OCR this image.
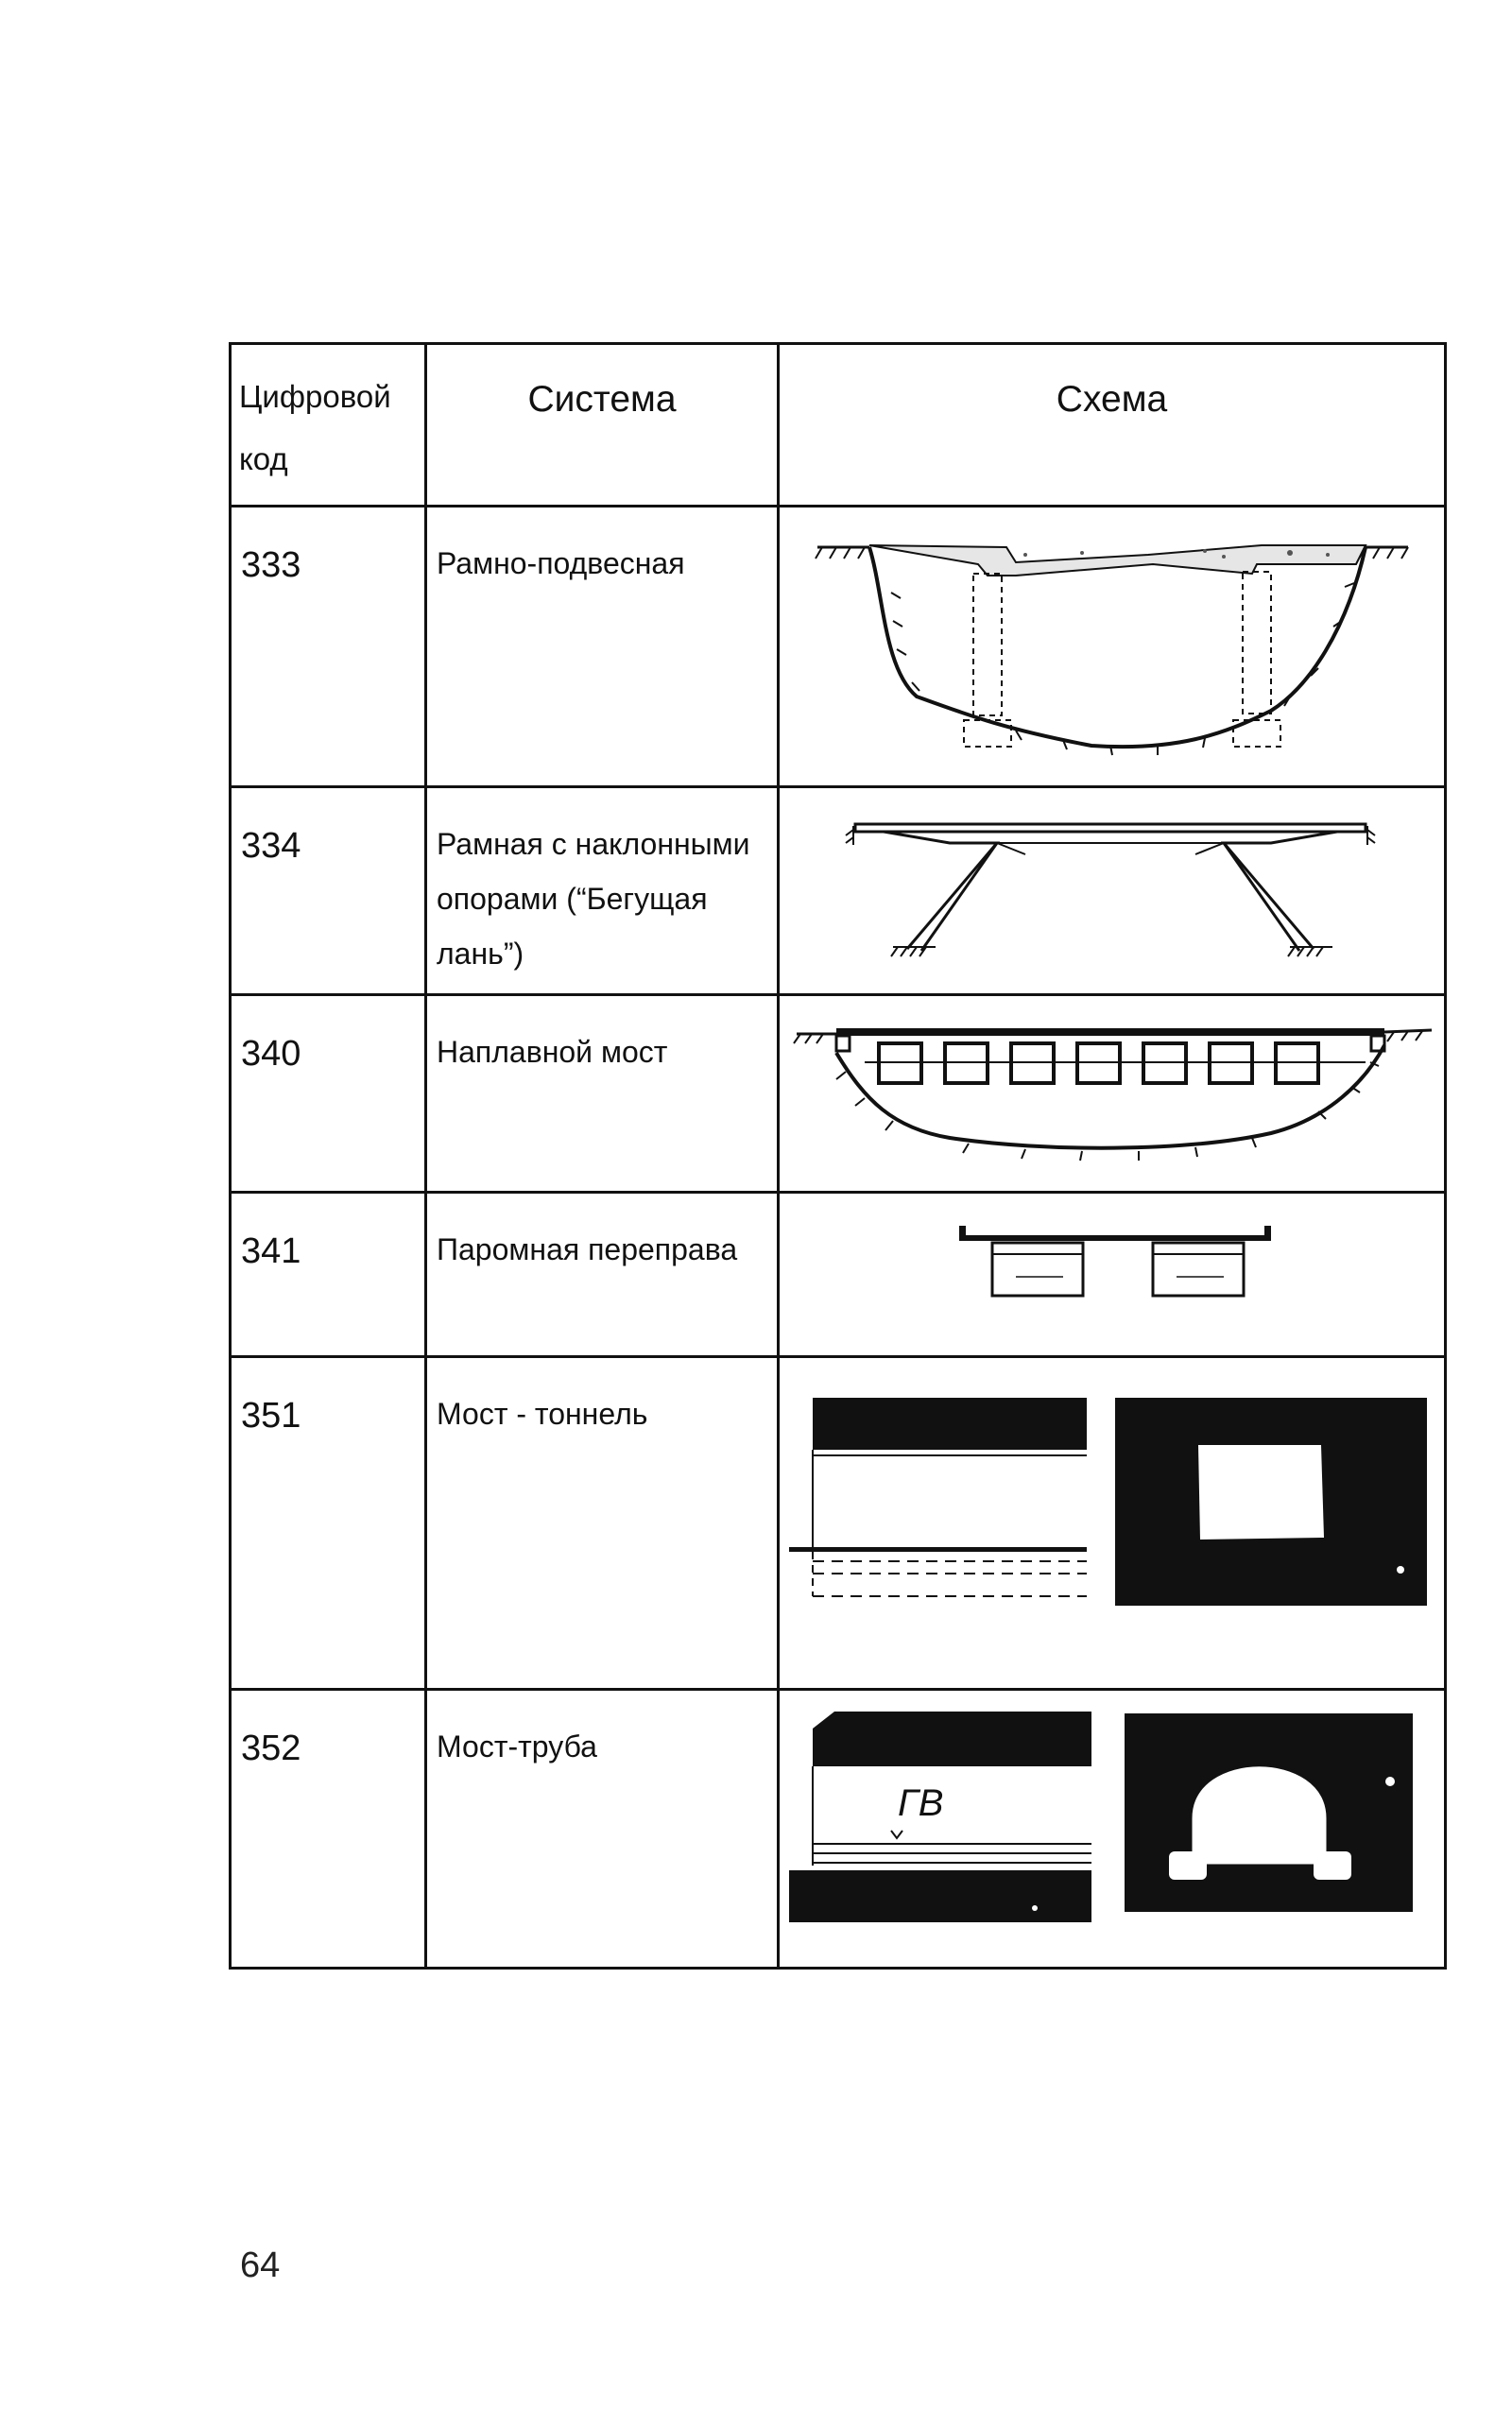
Цифровой код	Система	Схема
333	Рамно-подвесная	

334	Рамная с наклонными опорами (“Бегущая лань”)	

340	Наплавной мост	

341	Паромная переправа	

351	Мост - тоннель	

352	Мост-труба	ГВ
64
